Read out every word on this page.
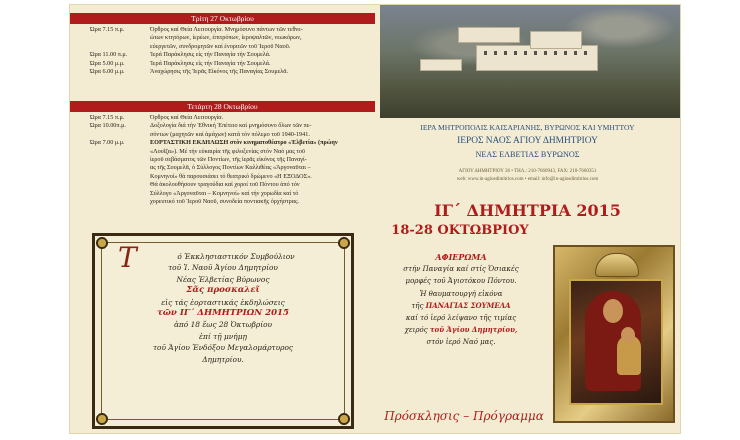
Τρίτη 27 Οκτωβρίου
Ώρα 7.15 π.μ.	Όρθρος καί Θεία Λειτουργία. Μνημόσυνο πάντων τῶν τεθνε-
ώτων κτητόρων, ἱερέων, ἐπιτρόπων, ἱεροψαλτῶν, νεωκόρων,
εὐεργετῶν, συνδρομητῶν καί ἐνοριτῶν τοῦ Ἱεροῦ Ναοῦ.
Ώρα 11.00 π.μ.	Ἱερά Παράκλησις εἰς τήν Παναγία τήν Σουμελά.
Ώρα 5.00 μ.μ.	Ἱερά Παράκλησις εἰς τήν Παναγία τήν Σουμελά.
Ώρα 6.00 μ.μ.	Ἀναχώρησις τῆς Ἱερᾶς Εἰκόνος τῆς Παναγίας Σουμελᾶ.
Τετάρτη 28 Οκτωβρίου
Ώρα 7.15 π.μ.	Όρθρος καί Θεία Λειτουργία.
Ώρα 10.00π.μ.	Δοξολογία διά τήν Ἐθνική Ἐπέτειο καί μνημόσυνο ὅλων τῶν πε-
σόντων (μαχητῶν καί ἀμάχων) κατά τόν πόλεμο τοῦ 1940-1941.
Ώρα 7.00 μ.μ.	ΕΟΡΤΑΣΤΙΚΗ ΕΚΔΗΛΩΣΗ στόν κινηματοθέατρο «Ἐλβετία» (πρώην
«Λουΐζα»). Μέ τήν εὐκαιρία τῆς φιλοξενίας στόν Ναό μας τοῦ
ἱεροῦ σεβάσματος τῶν Ποντίων, τῆς ἱερᾶς εἰκόνος τῆς Παναγί-
ας τῆς Σουμελᾶ, ὁ Σύλλογος Ποντίων Καλλιθέας «Ἀργοναῦται –
Κομνηνοί» θά παρουσιάσει τό θεατρικό δρώμενο «Η ΕΞΟΔΟΣ».
Θά ἀκολουθήσουν τραγούδια καί χοροί τοῦ Πόντου ἀπό τόν
Σύλλογο «Ἀργοναῦται – Κομνηνοί» καί τήν χορωδία καί τό
χορευτικό τοῦ Ἱεροῦ Ναοῦ, συνοδεία ποντιακῆς ὀρχήστρας.
Τ	ό Ἐκκλησιαστικόν Συμβούλιον
τοῦ Ἱ. Ναοῦ Ἁγίου Δημητρίου
Νέας Ἐλβετίας Βύρωνος
Σᾶς προσκαλεῖ
εἰς τάς ἑορταστικάς ἐκδηλώσεις
τῶν ΙΓ΄ ΔΗΜΗΤΡΙΩΝ 2015
ἀπό 18 ἕως 28 Ὀκτωβρίου
ἐπί τῇ μνήμῃ
τοῦ Ἁγίου Ἐνδόξου Μεγαλομάρτυρος
Δημητρίου.
ΙΕΡΑ ΜΗΤΡΟΠΟΛΙΣ ΚΑΙΣΑΡΙΑΝΗΣ, ΒΥΡΩΝΟΣ ΚΑΙ ΥΜΗΤΤΟΥ
ΙΕΡΟΣ ΝΑΟΣ ΑΓΙΟΥ ΔΗΜΗΤΡΙΟΥ
ΝΕΑΣ ΕΛΒΕΤΙΑΣ ΒΥΡΩΝΟΣ
ΑΓΙΟΥ ΔΗΜΗΤΡΙΟΥ 36 • ΤΗΛ.: 210-7660943, FAX: 210-7660351
web: www.in-agiosdimitrios.com • email: info@in-agiosdimitrios.com
ΙΓ΄ ΔΗΜΗΤΡΙΑ 2015
18-28 ΟΚΤΩΒΡΙΟΥ
ΑΦΙΕΡΩΜΑ
στήν Παναγία καί στίς Ὁσιακές
μορφές τοῦ Ἁγιοτόκου Πόντου.
Ἡ θαυματουργή εἰκόνα
τῆς ΠΑΝΑΓΙΑΣ ΣΟΥΜΕΛΑ
καί τό ἱερό λείψανο τῆς τιμίας
χειρός τοῦ Ἁγίου Δημητρίου,
στόν ἱερό Ναό μας.
Πρόσκλησις – Πρόγραμμα
